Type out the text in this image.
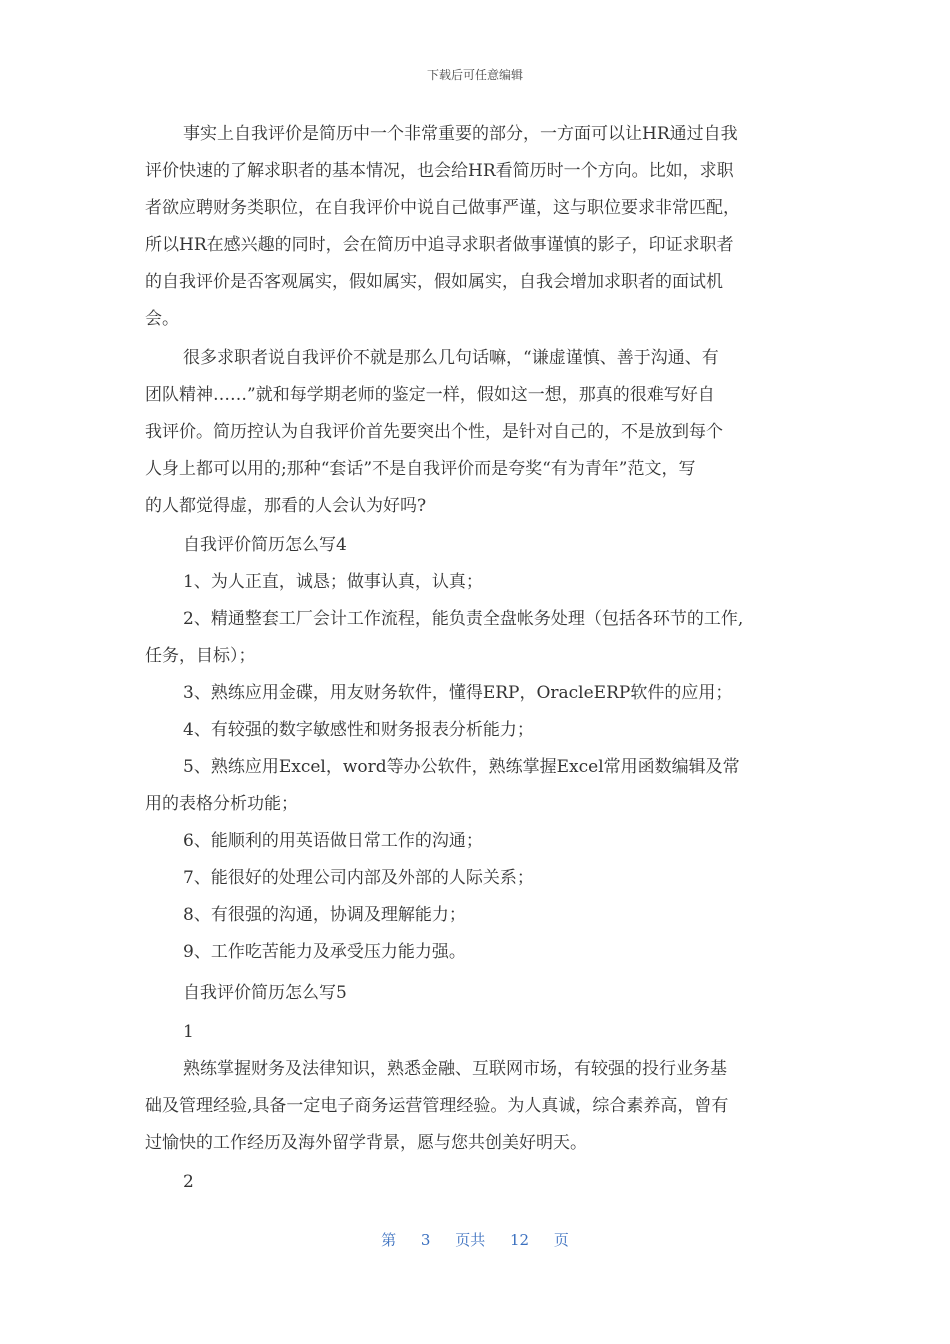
下载后可任意编辑
事实上自我评价是简历中一个非常重要的部分，一方面可以让HR通过自我
评价快速的了解求职者的基本情况，也会给HR看简历时一个方向。比如，求职
者欲应聘财务类职位，在自我评价中说自己做事严谨，这与职位要求非常匹配，
所以HR在感兴趣的同时，会在简历中追寻求职者做事谨慎的影子，印证求职者
的自我评价是否客观属实，假如属实，假如属实，自我会增加求职者的面试机
会。
很多求职者说自我评价不就是那么几句话嘛，“谦虚谨慎、善于沟通、有
团队精神……”就和每学期老师的鉴定一样，假如这一想，那真的很难写好自
我评价。简历控认为自我评价首先要突出个性，是针对自己的，不是放到每个
人身上都可以用的;那种“套话”不是自我评价而是夸奖“有为青年”范文，写
的人都觉得虚，那看的人会认为好吗?
自我评价简历怎么写4
1、为人正直，诚恳；做事认真，认真；
2、精通整套工厂会计工作流程，能负责全盘帐务处理（包括各环节的工作,
任务，目标）；
3、熟练应用金碟，用友财务软件，懂得ERP，OracleERP软件的应用；
4、有较强的数字敏感性和财务报表分析能力；
5、熟练应用Excel，word等办公软件，熟练掌握Excel常用函数编辑及常
用的表格分析功能；
6、能顺利的用英语做日常工作的沟通；
7、能很好的处理公司内部及外部的人际关系；
8、有很强的沟通，协调及理解能力；
9、工作吃苦能力及承受压力能力强。
自我评价简历怎么写5
1
熟练掌握财务及法律知识，熟悉金融、互联网市场，有较强的投行业务基
础及管理经验,具备一定电子商务运营管理经验。为人真诚，综合素养高，曾有
过愉快的工作经历及海外留学背景，愿与您共创美好明天。
2
第 3 页共 12 页
